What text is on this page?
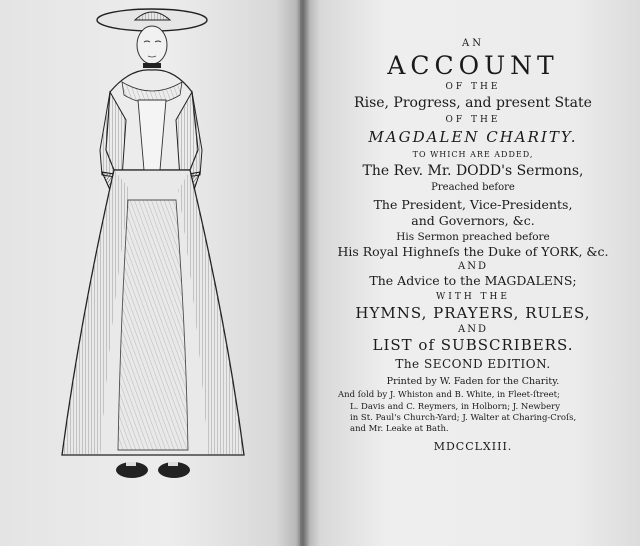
AN
ACCOUNT
OF THE
Rise, Progress, and present State
OF THE
MAGDALEN CHARITY.
TO WHICH ARE ADDED,
The Rev. Mr. DODD's Sermons,
Preached before
The President, Vice-Presidents,
and Governors, &c.
His Sermon preached before
His Royal Highneſs the Duke of YORK, &c.
AND
The Advice to the MAGDALENS;
WITH THE
HYMNS, PRAYERS, RULES,
AND
LIST of SUBSCRIBERS.
The SECOND EDITION.
Printed by W. Faden for the Charity.
And ſold by J. Whiston and B. White, in Fleet-ſtreet;
L. Davis and C. Reymers, in Holborn; J. Newbery
in St. Paul's Church-Yard; J. Walter at Charing-Croſs,
and Mr. Leake at Bath.
MDCCLXIII.
